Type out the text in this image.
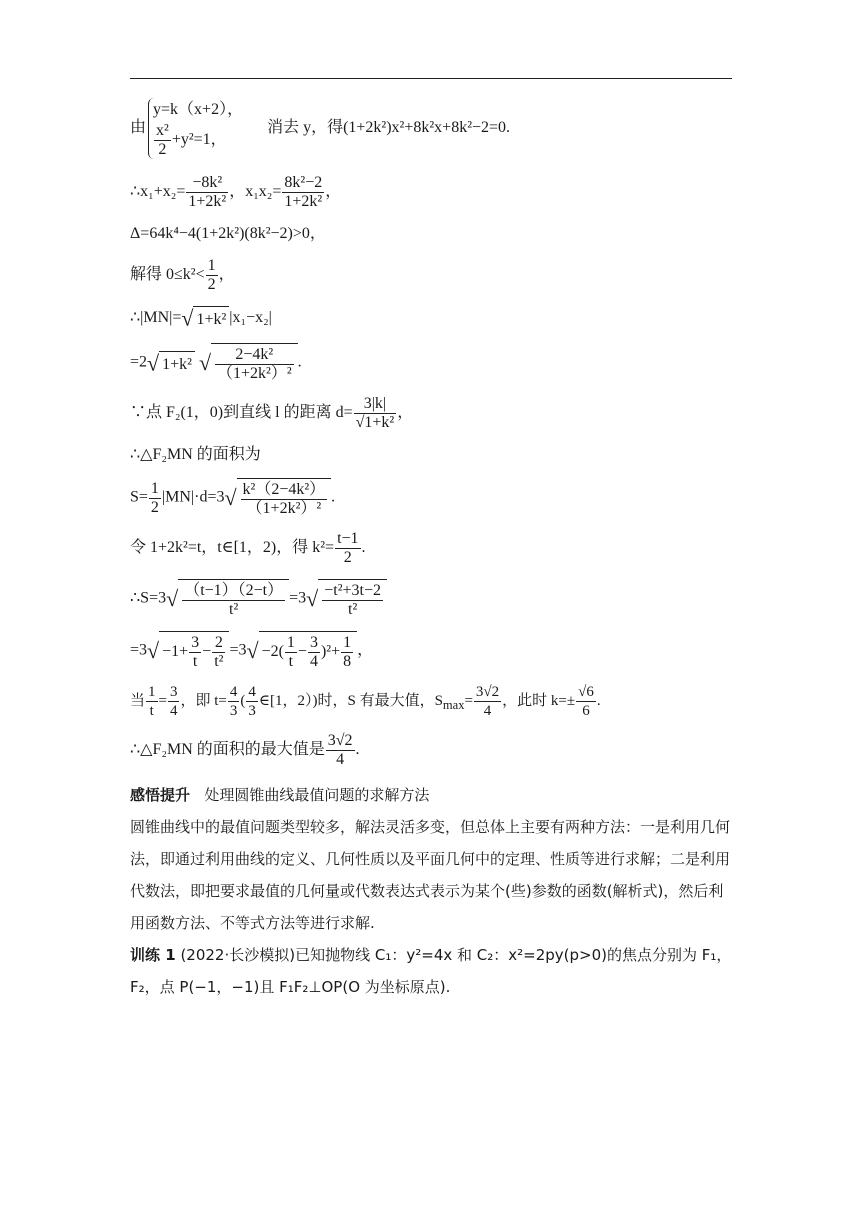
由
y=k（x+2），
$\frac{\text{x²}}{2} +y^2=1$，
消去 y，得(1+2k²)x²+8k²x+8k²−2=0.
∴x₁+x₂= $\frac{\text{−8k²}}{\text{1+2k²}}$ ，$x_1x_2= \frac{\text{8k²−2}}{\text{1+2k²}}$ ，
Δ=64k⁴−4(1+2k²)(8k²−2)>0，
解得 $0\le k^2< \frac{1}{2}$ ，
∴|MN|=√ 1+k² |x₁−x₂|
=2√ 1+k² √ $\frac{\text{2−4k²}}{\text{（1+2k²）²}}$ .
∵点 F₂(1，0)到直线 l 的距离 $d= \frac{3|k|}{\text{√1+k²}}$ ，
∴△F₂MN 的面积为
$S= \frac{1}{2} |MN|\cdot d=3√ \frac{\text{k²（2−4k²）}}{\text{（1+2k²）²}}$ .
令 1+2k²=t，t∈[1，2)，得 $k^2= \frac{t-1}{2}$ .
∴S=3√ $\frac{(t-1)(2-t)}{\text{t²}} =3√ \frac{\text{−t²+3t−2}}{\text{t²}}$
$=3√ -1+ \frac{3}{t} - \frac{2}{\text{t²}} =3√ -2( \frac{1}{t} - \frac{3}{4} )^2+ \frac{1}{8}$ ，
当 $\frac{1}{t} = \frac{3}{4}$ ，即 $t= \frac{4}{3}$ ( $\frac{4}{3}$ ∈[1，2）)时，S 有最大值，$S_{max}= \frac{3√2}{4}$ ，此时 $k=\pm \frac{√6}{6}$ .
∴△F₂MN 的面积的最大值是 $\frac{3√2}{4}$ .
感悟提升 处理圆锥曲线最值问题的求解方法
圆锥曲线中的最值问题类型较多，解法灵活多变，但总体上主要有两种方法：一是利用几何法，即通过利用曲线的定义、几何性质以及平面几何中的定理、性质等进行求解；二是利用代数法，即把要求最值的几何量或代数表达式表示为某个(些)参数的函数(解析式)，然后利用函数方法、不等式方法等进行求解.
训练 1 (2022·长沙模拟)已知抛物线 C₁：y²=4x 和 C₂：x²=2py(p>0)的焦点分别为 F₁，F₂，点 P(−1，−1)且 F₁F₂⊥OP(O 为坐标原点).
